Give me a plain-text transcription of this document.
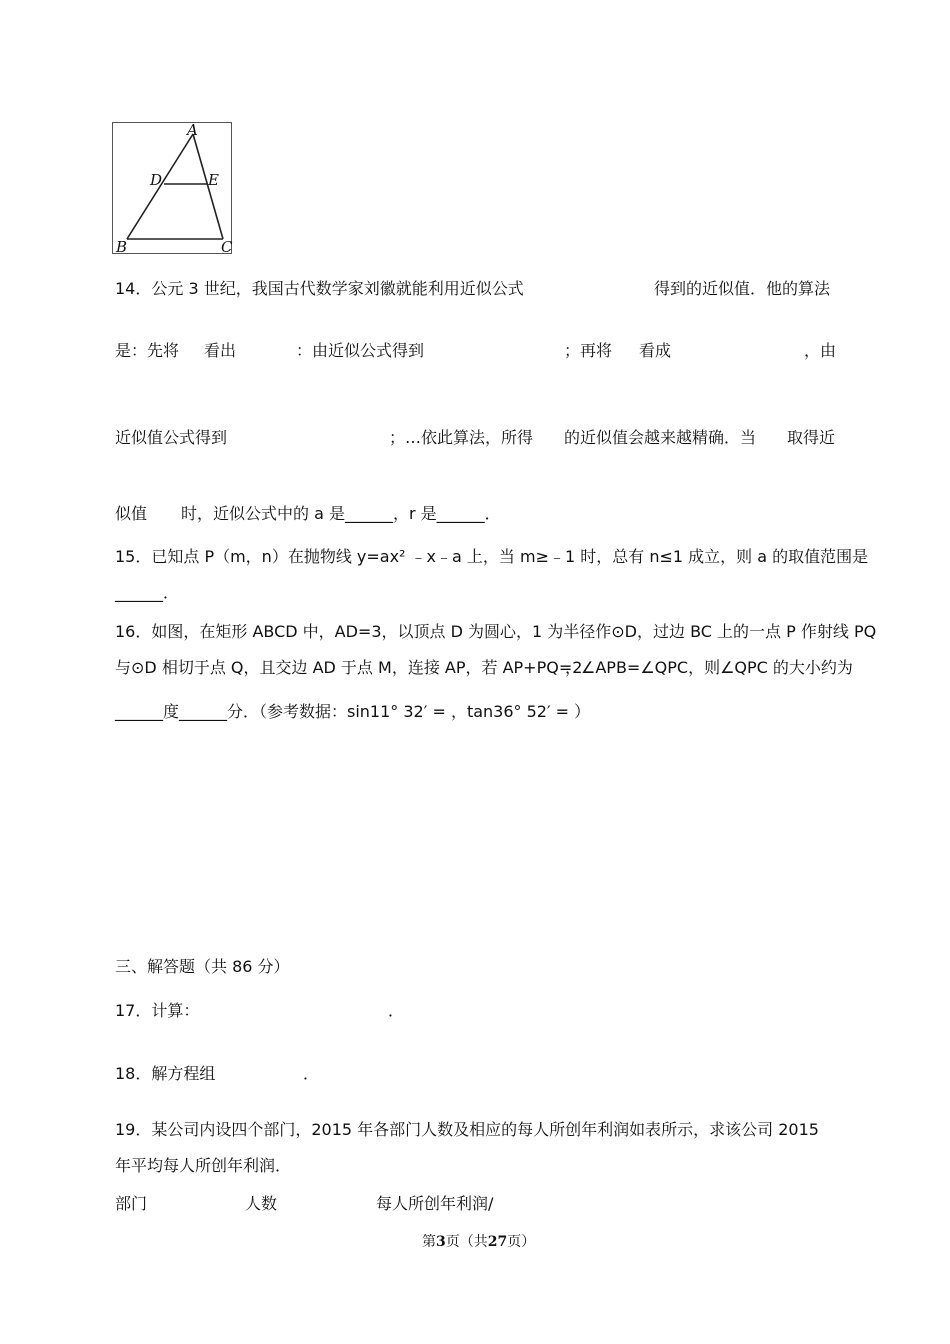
A
D	E
B	C
14．公元 3 世纪，我国古代数学家刘徽就能利用近似公式	得到的近似值．他的算法
是：先将 看出	：由近似公式得到	；再将 看成	，由
近似值公式得到	；…依此算法，所得 的近似值会越来越精确．当 取得近
似值 时，近似公式中的 a 是______，r 是______．
15．已知点 P（m，n）在抛物线 y=ax² ﹣x﹣a 上，当 m≥﹣1 时，总有 n≤1 成立，则 a 的取值范围是
______．
16．如图，在矩形 ABCD 中，AD=3，以顶点 D 为圆心，1 为半径作⊙D，过边 BC 上的一点 P 作射线 PQ
与⊙D 相切于点 Q，且交边 AD 于点 M，连接 AP，若 AP+PQ=2
，∠APB=∠QPC，则∠QPC 的大小约为
______度______分．（参考数据：sin11° 32′ = ，tan36° 52′ = ）
三、解答题（共 86 分）
17．计算：	．
18．解方程组	．
19．某公司内设四个部门，2015 年各部门人数及相应的每人所创年利润如表所示，求该公司 2015
年平均每人所创年利润．
部门	人数	每人所创年利润/
第3页（共27页）
